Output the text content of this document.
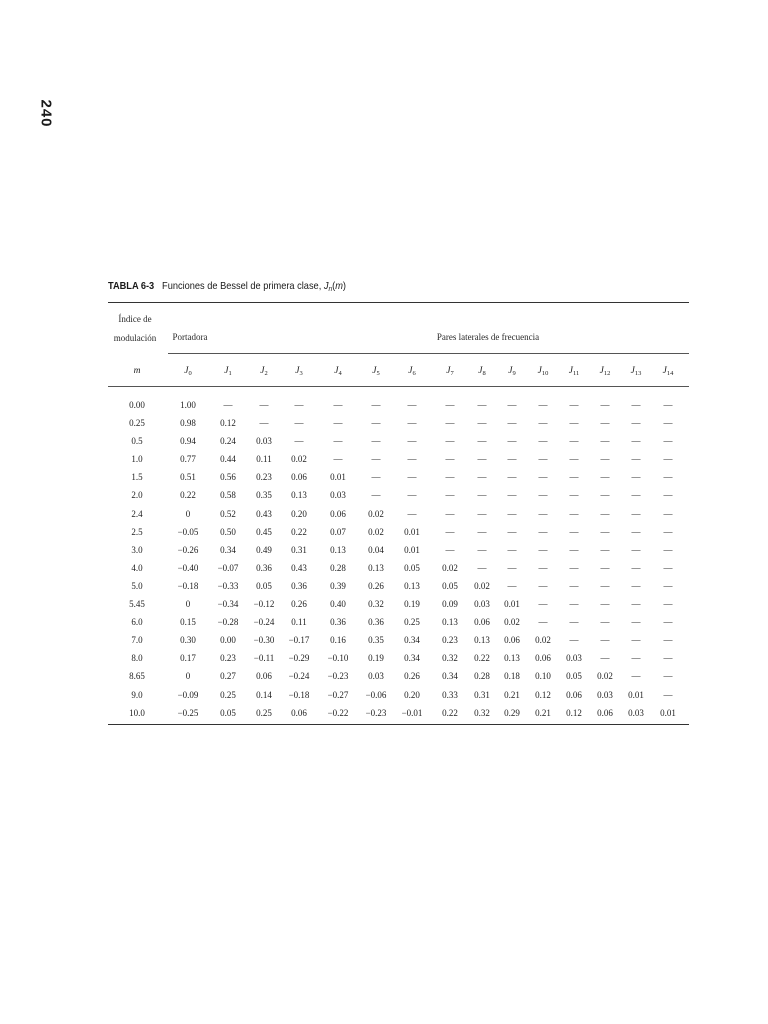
240
TABLA 6-3 Funciones de Bessel de primera clase, $J_n(m)$
Índice de
modulación	Portadora	Pares laterales de frecuencia
m	$J_0$	$J_1$	$J_2$	$J_3$	$J_4$	$J_5$	$J_6$	$J_7$	$J_8$	$J_9$	$J_{10}$	$J_{11}$	$J_{12}$	$J_{13}$	$J_{14}$
0.00	1.00	—	—	—	—	—	—	—	—	—	—	—	—	—	—
0.25	0.98	0.12	—	—	—	—	—	—	—	—	—	—	—	—	—
0.5	0.94	0.24	0.03	—	—	—	—	—	—	—	—	—	—	—	—
1.0	0.77	0.44	0.11	0.02	—	—	—	—	—	—	—	—	—	—	—
1.5	0.51	0.56	0.23	0.06	0.01	—	—	—	—	—	—	—	—	—	—
2.0	0.22	0.58	0.35	0.13	0.03	—	—	—	—	—	—	—	—	—	—
2.4	0	0.52	0.43	0.20	0.06	0.02	—	—	—	—	—	—	—	—	—
2.5	−0.05	0.50	0.45	0.22	0.07	0.02	0.01	—	—	—	—	—	—	—	—
3.0	−0.26	0.34	0.49	0.31	0.13	0.04	0.01	—	—	—	—	—	—	—	—
4.0	−0.40	−0.07	0.36	0.43	0.28	0.13	0.05	0.02	—	—	—	—	—	—	—
5.0	−0.18	−0.33	0.05	0.36	0.39	0.26	0.13	0.05	0.02	—	—	—	—	—	—
5.45	0	−0.34	−0.12	0.26	0.40	0.32	0.19	0.09	0.03	0.01	—	—	—	—	—
6.0	0.15	−0.28	−0.24	0.11	0.36	0.36	0.25	0.13	0.06	0.02	—	—	—	—	—
7.0	0.30	0.00	−0.30	−0.17	0.16	0.35	0.34	0.23	0.13	0.06	0.02	—	—	—	—
8.0	0.17	0.23	−0.11	−0.29	−0.10	0.19	0.34	0.32	0.22	0.13	0.06	0.03	—	—	—
8.65	0	0.27	0.06	−0.24	−0.23	0.03	0.26	0.34	0.28	0.18	0.10	0.05	0.02	—	—
9.0	−0.09	0.25	0.14	−0.18	−0.27	−0.06	0.20	0.33	0.31	0.21	0.12	0.06	0.03	0.01	—
10.0	−0.25	0.05	0.25	0.06	−0.22	−0.23	−0.01	0.22	0.32	0.29	0.21	0.12	0.06	0.03	0.01
